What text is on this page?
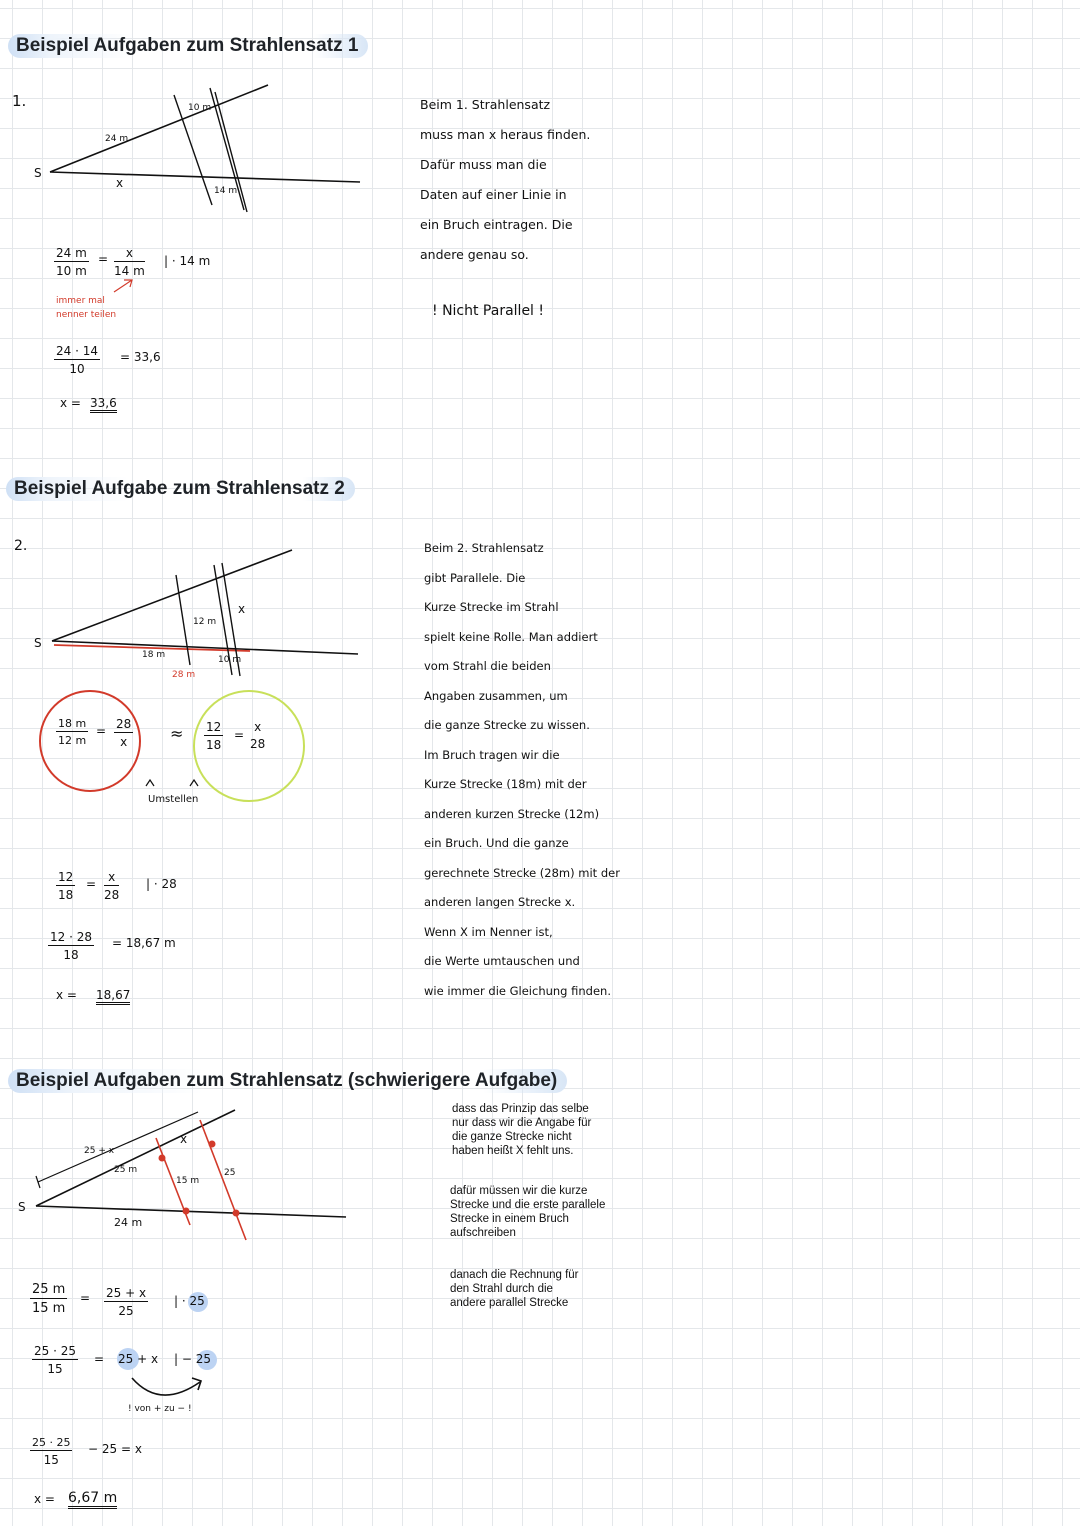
Beispiel Aufgaben zum Strahlensatz 1
1.
S
24 m
x
10 m
14 m
$\frac{24 m}{10 m} = \frac{x}{14 m}$ | · 14 m
immer mal
nenner teilen
$\frac{24 \cdot 14}{10} = 33,6$
x = 33,6
Beim 1. Strahlensatz
muss man x heraus finden.
Dafür muss man die
Daten auf einer Linie in
ein Bruch eintragen. Die
andere genau so.
! Nicht Parallel !
Beispiel Aufgabe zum Strahlensatz 2
2.
S
12 m
x
18 m
28 m
10 m
$\frac{18 m}{12 m} = \frac{28}{x} \approx \frac{12}{18}$ =
x
28
Umstellen
$\frac{12}{18} = \frac{x}{28}$ | · 28
$\frac{12 \cdot 28}{18} = 18,67$ m
x = 18,67
Beim 2. Strahlensatz
gibt Parallele. Die
Kurze Strecke im Strahl
spielt keine Rolle. Man addiert
vom Strahl die beiden
Angaben zusammen, um
die ganze Strecke zu wissen.
Im Bruch tragen wir die
Kurze Strecke (18m) mit der
anderen kurzen Strecke (12m)
ein Bruch. Und die ganze
gerechnete Strecke (28m) mit der
anderen langen Strecke x.
Wenn X im Nenner ist,
die Werte umtauschen und
wie immer die Gleichung finden.
Beispiel Aufgaben zum Strahlensatz (schwierigere Aufgabe)
S
25 + x
25 m
x
15 m
25
24 m
$\frac{25 m}{15 m} = \frac{25 + x}{25}$ | · 25
$\frac{25 \cdot 25}{15} = 25 + x$ | − 25
! von + zu − !
$\frac{25 \cdot 25}{15} - 25 = x$
x = 6,67 m
dass das Prinzip das selbe nur dass wir die Angabe für die ganze Strecke nicht haben heißt X fehlt uns.
dafür müssen wir die kurze Strecke und die erste parallele Strecke in einem Bruch aufschreiben
danach die Rechnung für den Strahl durch die andere parallel Strecke
